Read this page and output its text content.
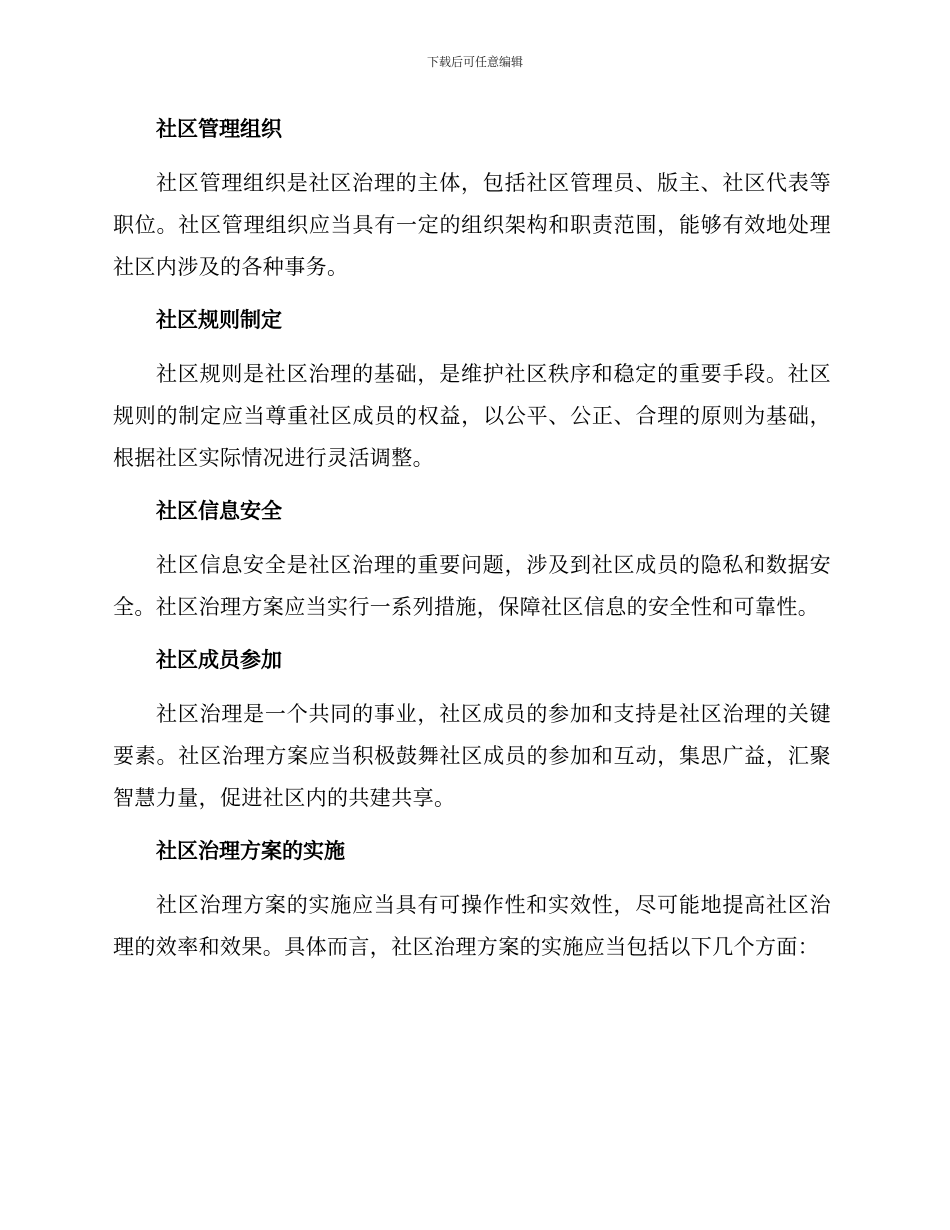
下载后可任意编辑
社区管理组织

社区管理组织是社区治理的主体，包括社区管理员、版主、社区代表等职位。社区管理组织应当具有一定的组织架构和职责范围，能够有效地处理社区内涉及的各种事务。

社区规则制定

社区规则是社区治理的基础，是维护社区秩序和稳定的重要手段。社区规则的制定应当尊重社区成员的权益，以公平、公正、合理的原则为基础，根据社区实际情况进行灵活调整。

社区信息安全

社区信息安全是社区治理的重要问题，涉及到社区成员的隐私和数据安全。社区治理方案应当实行一系列措施，保障社区信息的安全性和可靠性。

社区成员参加

社区治理是一个共同的事业，社区成员的参加和支持是社区治理的关键要素。社区治理方案应当积极鼓舞社区成员的参加和互动，集思广益，汇聚智慧力量，促进社区内的共建共享。

社区治理方案的实施

社区治理方案的实施应当具有可操作性和实效性，尽可能地提高社区治理的效率和效果。具体而言，社区治理方案的实施应当包括以下几个方面：
